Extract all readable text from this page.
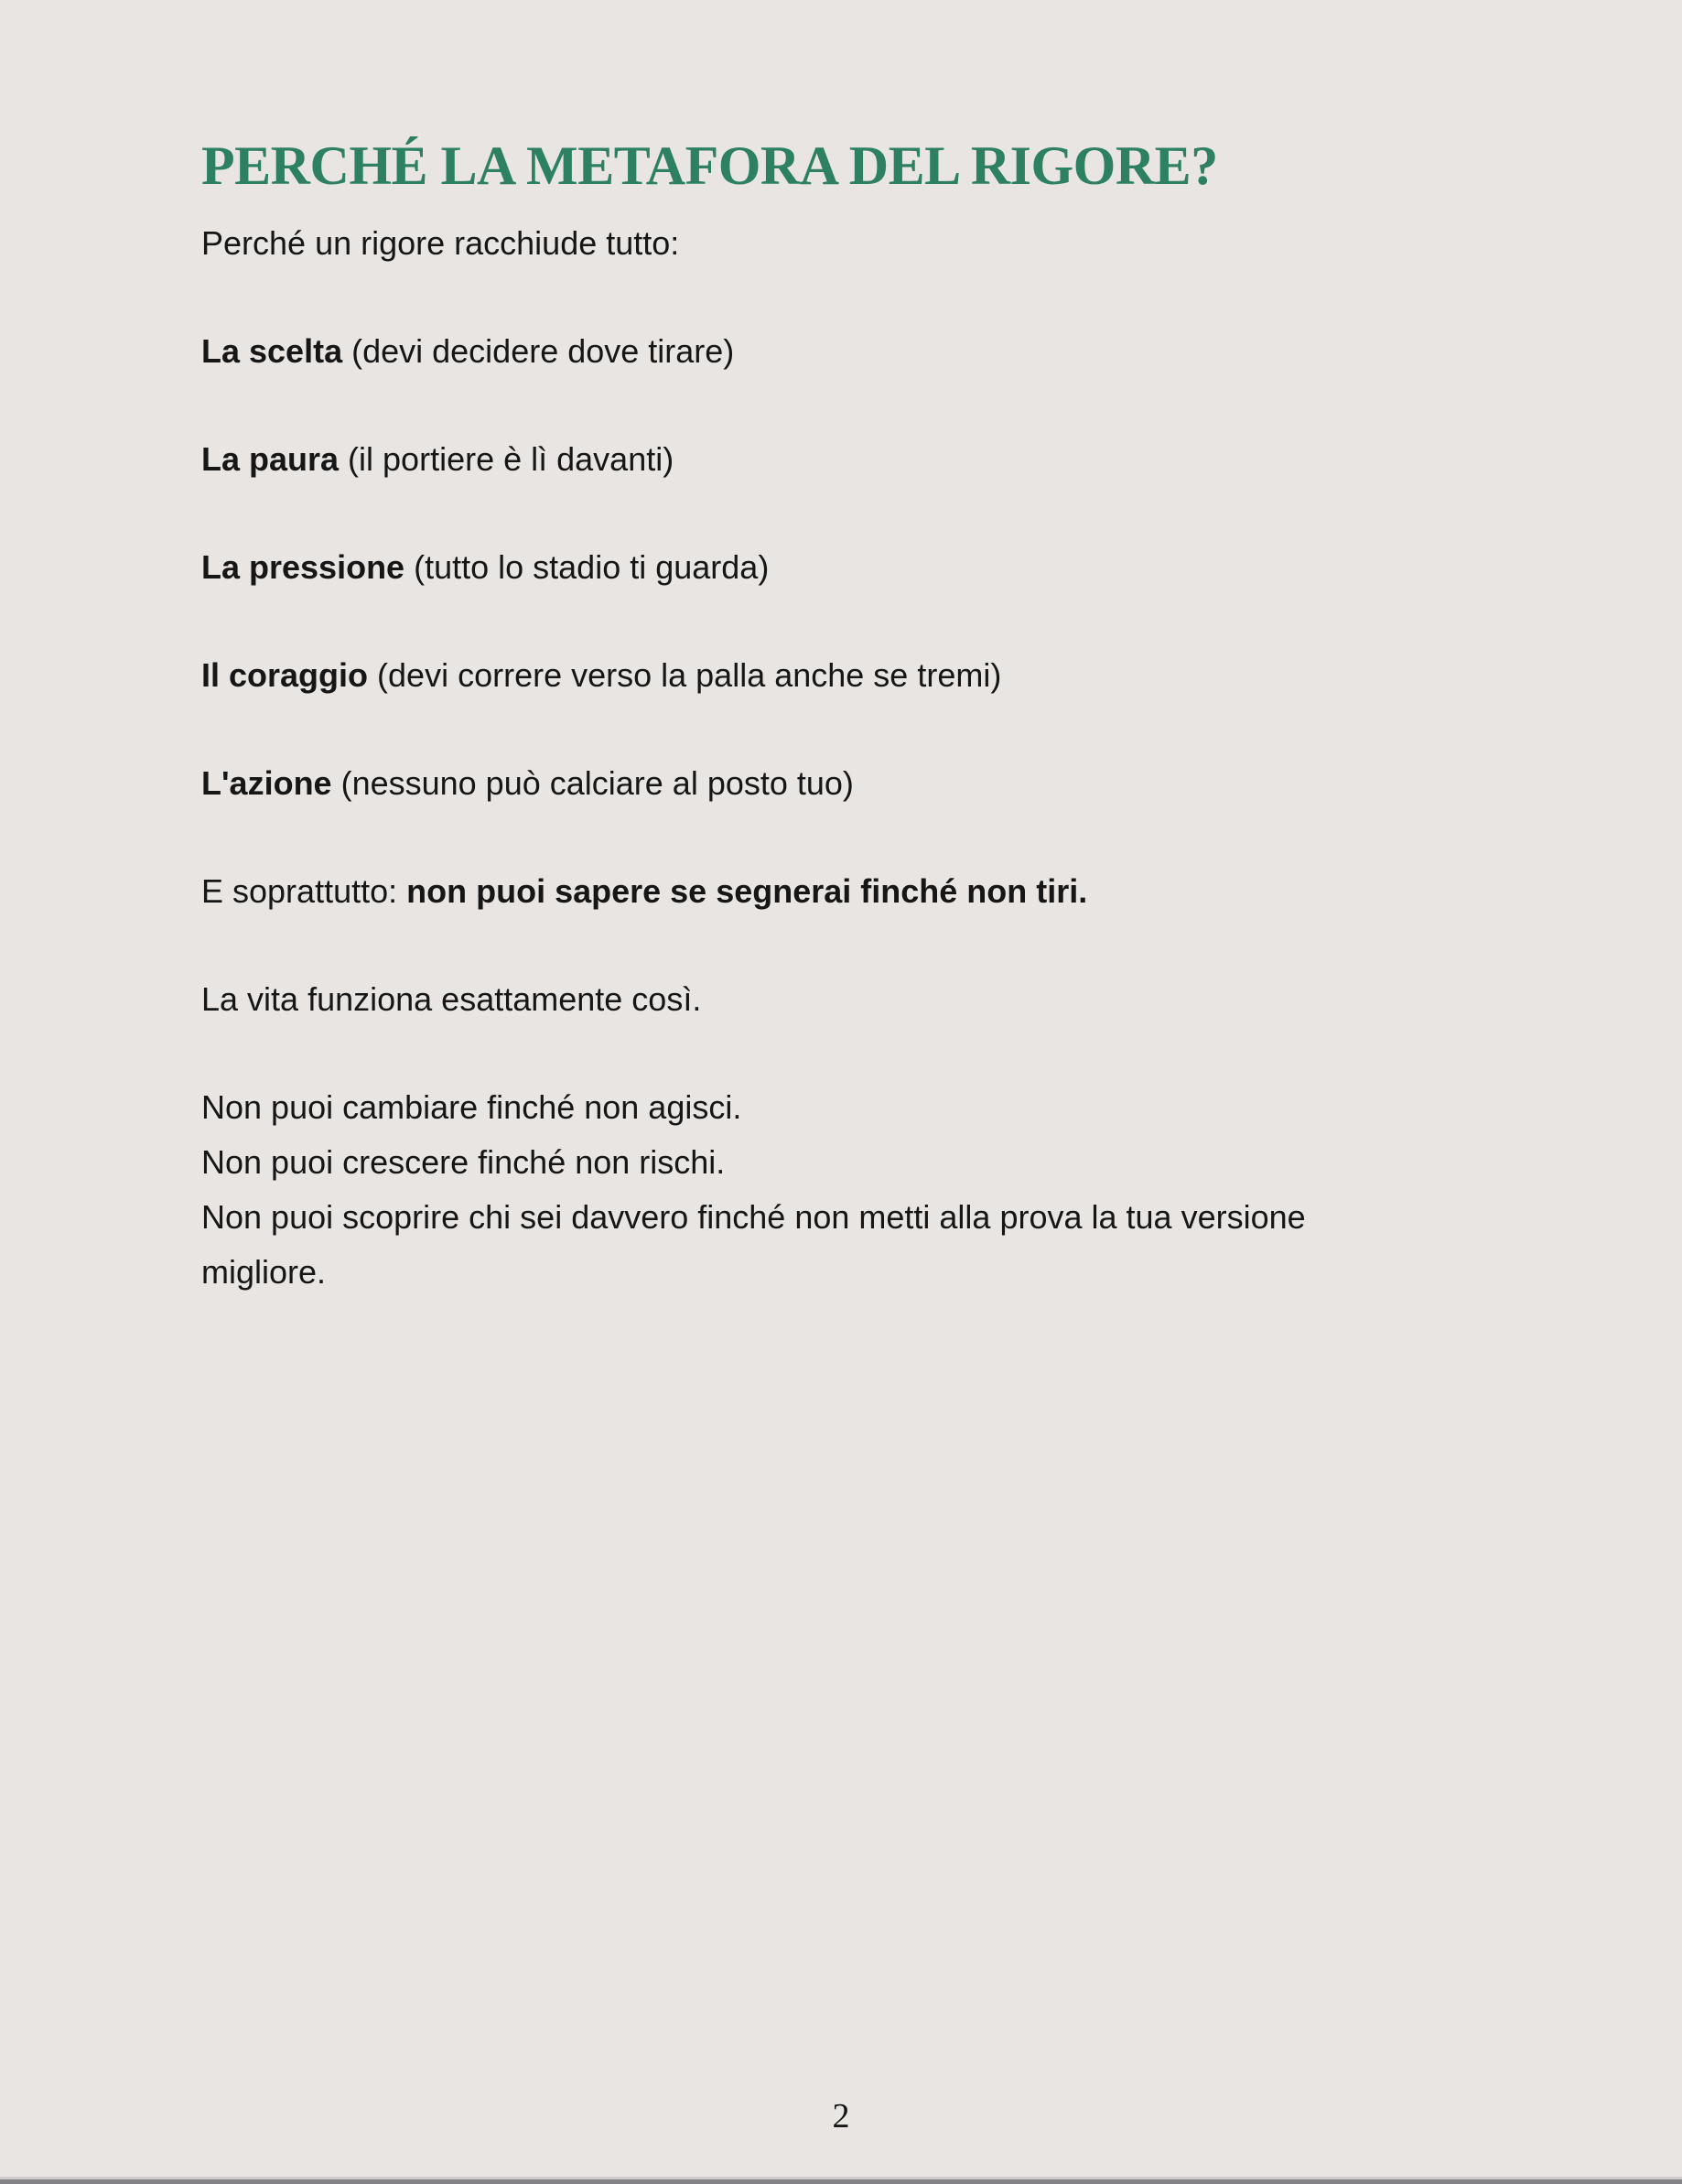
PERCHÉ LA METAFORA DEL RIGORE?
Perché un rigore racchiude tutto:
La scelta (devi decidere dove tirare)
La paura (il portiere è lì davanti)
La pressione (tutto lo stadio ti guarda)
Il coraggio (devi correre verso la palla anche se tremi)
L'azione (nessuno può calciare al posto tuo)
E soprattutto: non puoi sapere se segnerai finché non tiri.
La vita funziona esattamente così.
Non puoi cambiare finché non agisci.
Non puoi crescere finché non rischi.
Non puoi scoprire chi sei davvero finché non metti alla prova la tua versione
migliore.
2
